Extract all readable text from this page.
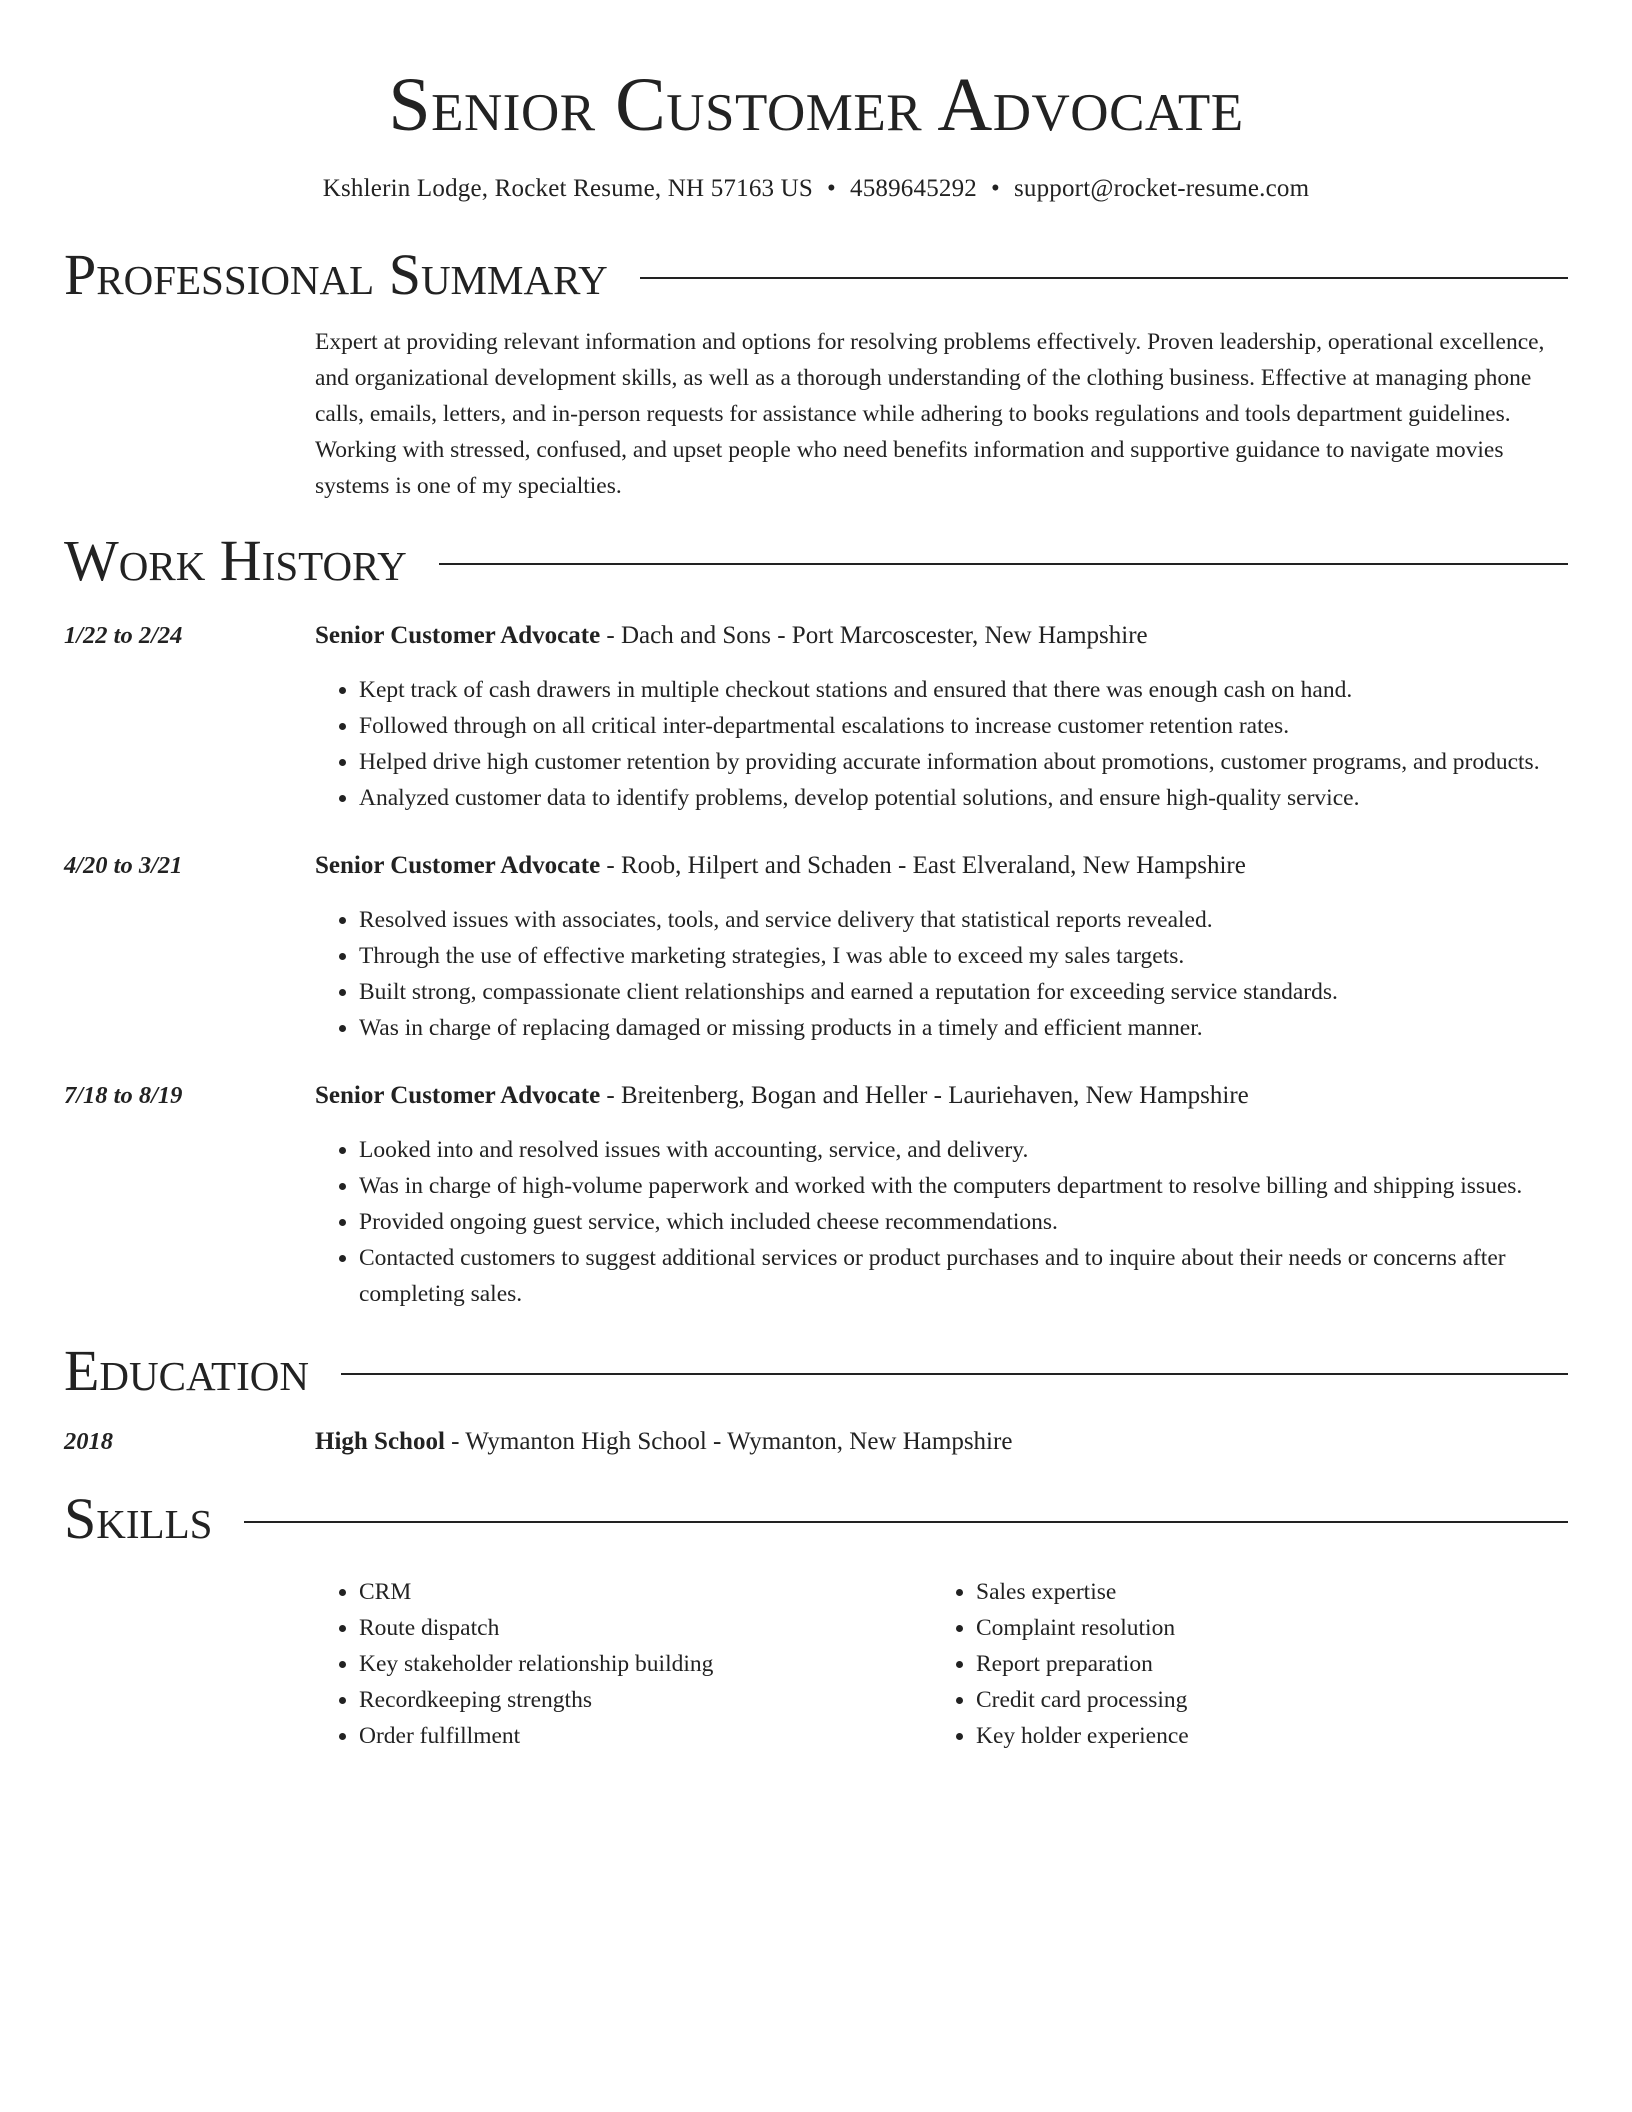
Senior Customer Advocate
Kshlerin Lodge, Rocket Resume, NH 57163 US • 4589645292 • support@rocket-resume.com
Professional Summary

Expert at providing relevant information and options for resolving problems effectively. Proven leadership, operational excellence, and organizational development skills, as well as a thorough understanding of the clothing business. Effective at managing phone calls, emails, letters, and in-person requests for assistance while adhering to books regulations and tools department guidelines. Working with stressed, confused, and upset people who need benefits information and supportive guidance to navigate movies systems is one of my specialties.

Work History
1/22 to 2/24	Senior Customer Advocate - Dach and Sons - Port Marcoscester, New Hampshire
• Kept track of cash drawers in multiple checkout stations and ensured that there was enough cash on hand.
• Followed through on all critical inter-departmental escalations to increase customer retention rates.
• Helped drive high customer retention by providing accurate information about promotions, customer programs, and products.
• Analyzed customer data to identify problems, develop potential solutions, and ensure high-quality service.
4/20 to 3/21	Senior Customer Advocate - Roob, Hilpert and Schaden - East Elveraland, New Hampshire
• Resolved issues with associates, tools, and service delivery that statistical reports revealed.
• Through the use of effective marketing strategies, I was able to exceed my sales targets.
• Built strong, compassionate client relationships and earned a reputation for exceeding service standards.
• Was in charge of replacing damaged or missing products in a timely and efficient manner.
7/18 to 8/19	Senior Customer Advocate - Breitenberg, Bogan and Heller - Lauriehaven, New Hampshire
• Looked into and resolved issues with accounting, service, and delivery.
• Was in charge of high-volume paperwork and worked with the computers department to resolve billing and shipping issues.
• Provided ongoing guest service, which included cheese recommendations.
• Contacted customers to suggest additional services or product purchases and to inquire about their needs or concerns after completing sales.
Education
2018	High School - Wymanton High School - Wymanton, New Hampshire
Skills
• CRM
• Route dispatch
• Key stakeholder relationship building
• Recordkeeping strengths
• Order fulfillment
• Sales expertise
• Complaint resolution
• Report preparation
• Credit card processing
• Key holder experience
